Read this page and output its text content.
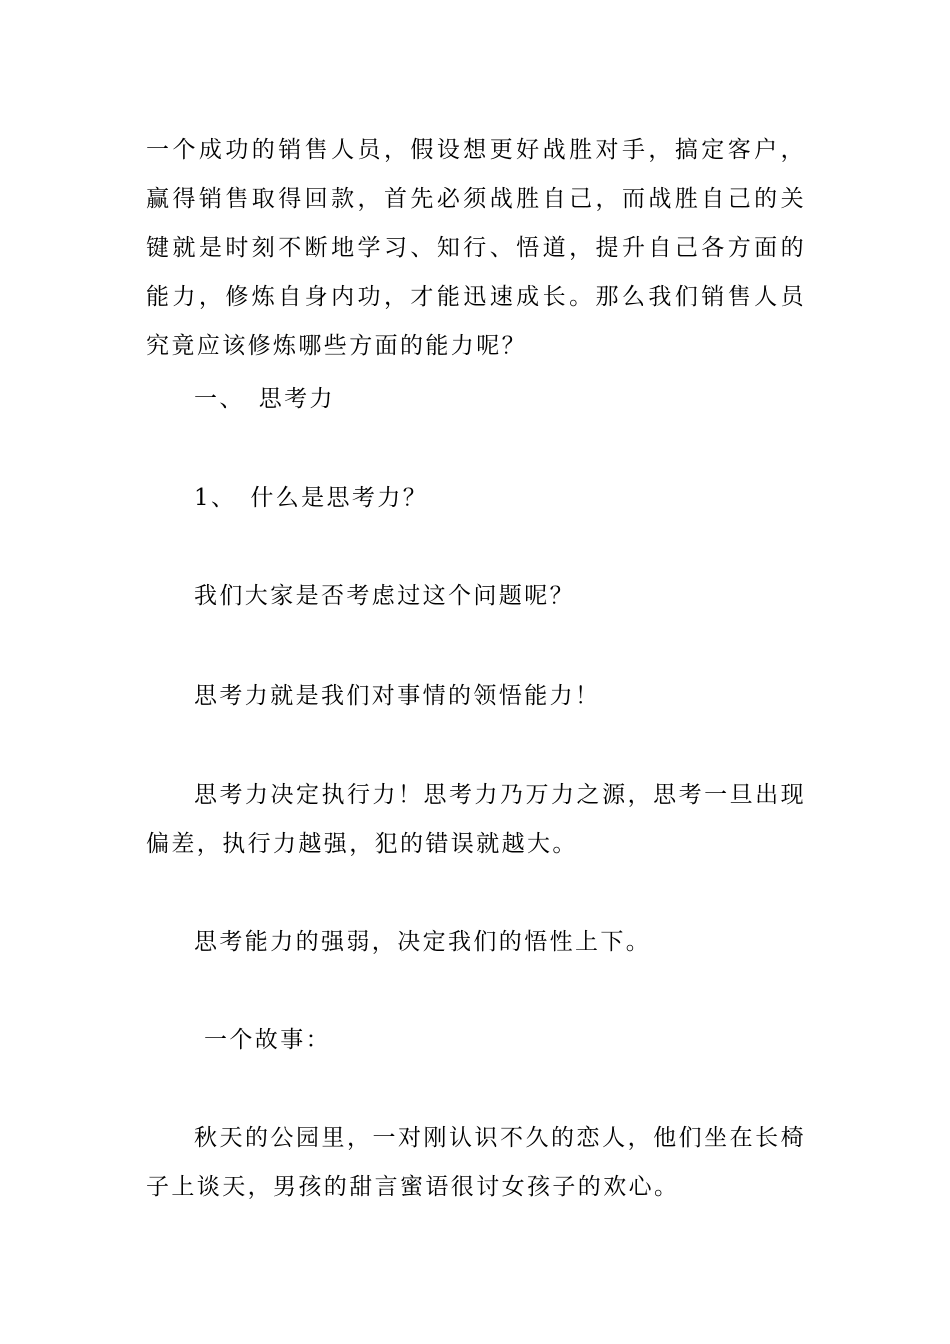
一个成功的销售人员，假设想更好战胜对手，搞定客户，赢得销售取得回款，首先必须战胜自己，而战胜自己的关键就是时刻不断地学习、知行、悟道，提升自己各方面的能力，修炼自身内功，才能迅速成长。那么我们销售人员究竟应该修炼哪些方面的能力呢？

一、　思考力

1、　什么是思考力？

我们大家是否考虑过这个问题呢？

思考力就是我们对事情的领悟能力！

思考力决定执行力！思考力乃万力之源，思考一旦出现偏差，执行力越强，犯的错误就越大。

思考能力的强弱，决定我们的悟性上下。

一个故事：

秋天的公园里，一对刚认识不久的恋人，他们坐在长椅子上谈天，男孩的甜言蜜语很讨女孩子的欢心。
